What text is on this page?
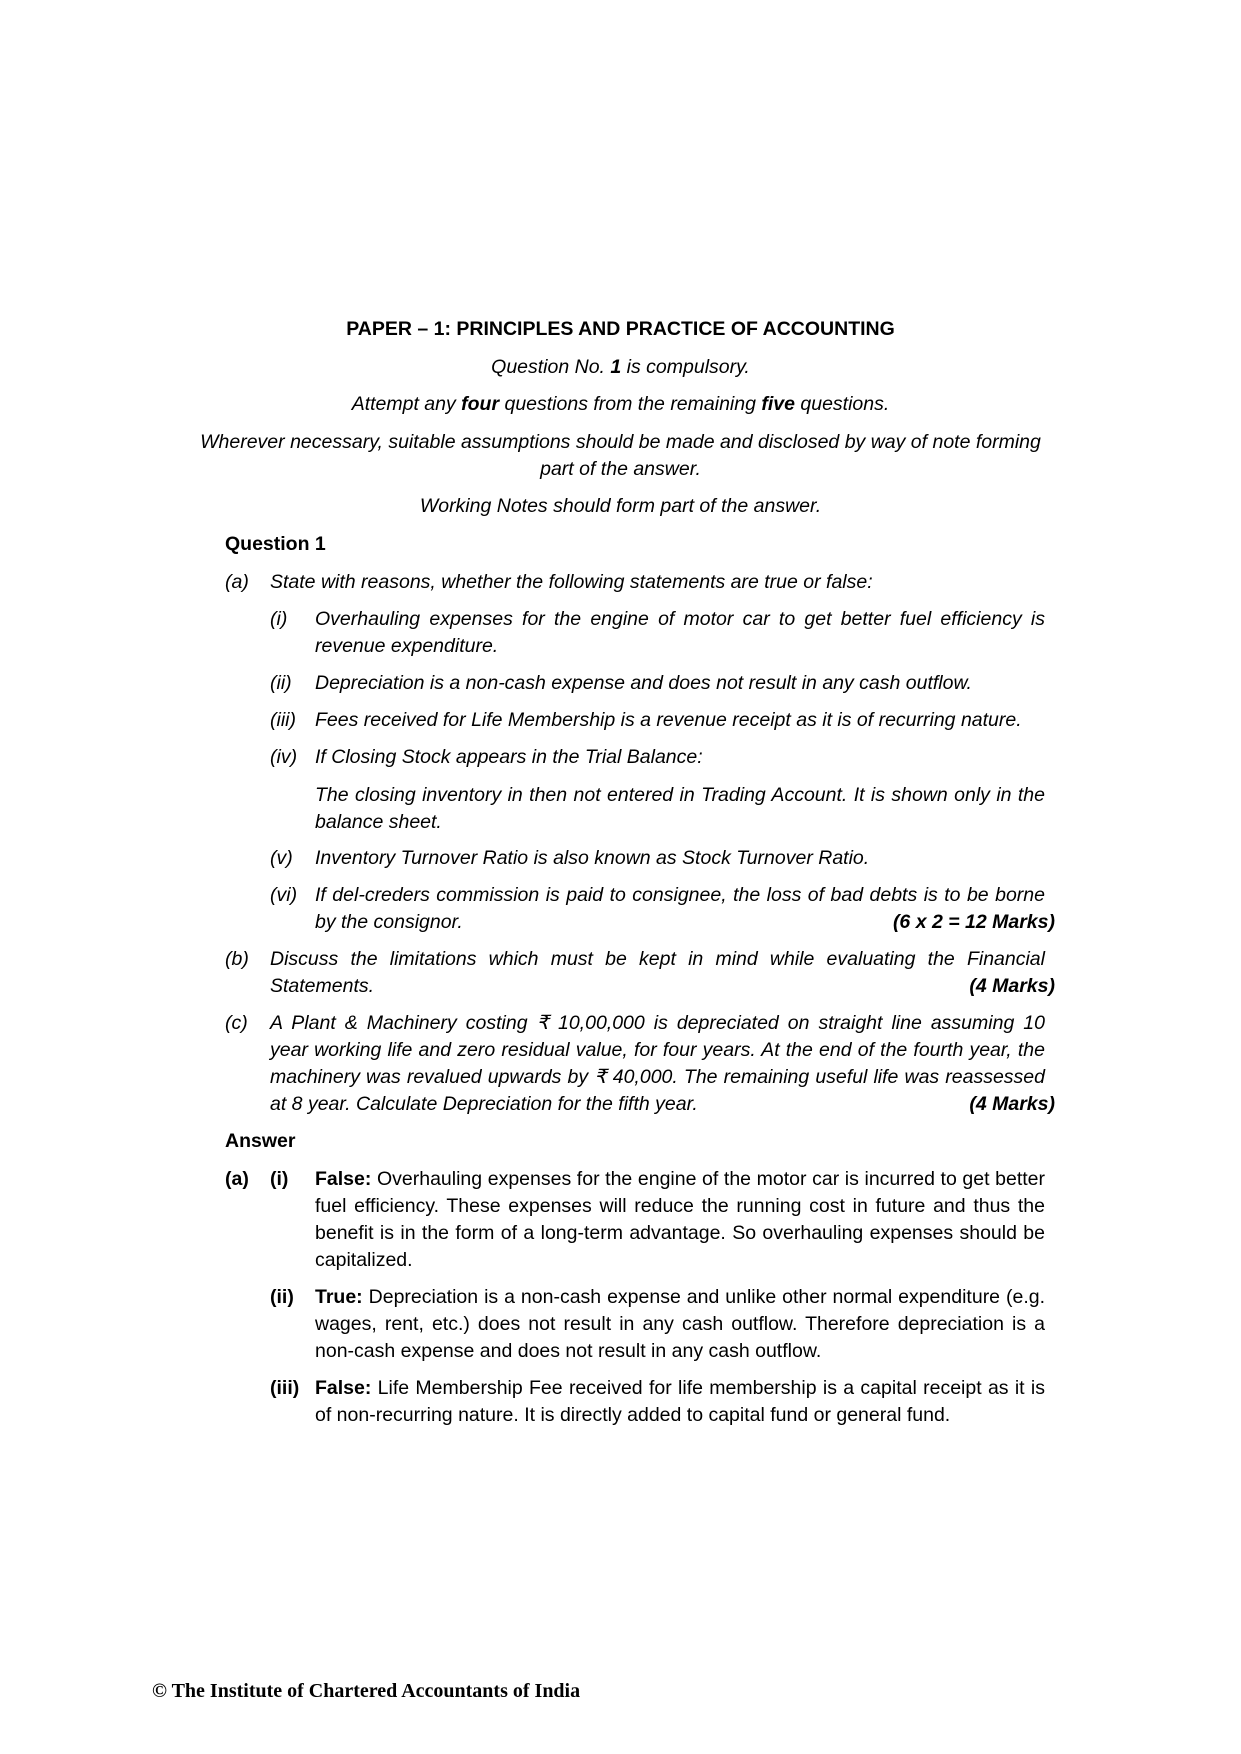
PAPER – 1: PRINCIPLES AND PRACTICE OF ACCOUNTING
Question No. 1 is compulsory.
Attempt any four questions from the remaining five questions.
Wherever necessary, suitable assumptions should be made and disclosed by way of note forming
part of the answer.
Working Notes should form part of the answer.
Question 1
(a) State with reasons, whether the following statements are true or false:
(i) Overhauling expenses for the engine of motor car to get better fuel efficiency is revenue expenditure.
(ii) Depreciation is a non-cash expense and does not result in any cash outflow.
(iii) Fees received for Life Membership is a revenue receipt as it is of recurring nature.
(iv) If Closing Stock appears in the Trial Balance:
The closing inventory in then not entered in Trading Account. It is shown only in the balance sheet.
(v) Inventory Turnover Ratio is also known as Stock Turnover Ratio.
(vi) If del-creders commission is paid to consignee, the loss of bad debts is to be borne
by the consignor.	(6 x 2 = 12 Marks)
(b) Discuss the limitations which must be kept in mind while evaluating the Financial
Statements.	(4 Marks)
(c) A Plant & Machinery costing ₹ 10,00,000 is depreciated on straight line assuming 10
year working life and zero residual value, for four years. At the end of the fourth year, the
machinery was revalued upwards by ₹ 40,000. The remaining useful life was reassessed
at 8 year. Calculate Depreciation for the fifth year.	(4 Marks)
Answer
(a) (i) False: Overhauling expenses for the engine of the motor car is incurred to get better fuel efficiency. These expenses will reduce the running cost in future and thus the benefit is in the form of a long-term advantage. So overhauling expenses should be capitalized.
(ii) True: Depreciation is a non-cash expense and unlike other normal expenditure (e.g. wages, rent, etc.) does not result in any cash outflow. Therefore depreciation is a non-cash expense and does not result in any cash outflow.
(iii) False: Life Membership Fee received for life membership is a capital receipt as it is of non-recurring nature. It is directly added to capital fund or general fund.
© The Institute of Chartered Accountants of India
